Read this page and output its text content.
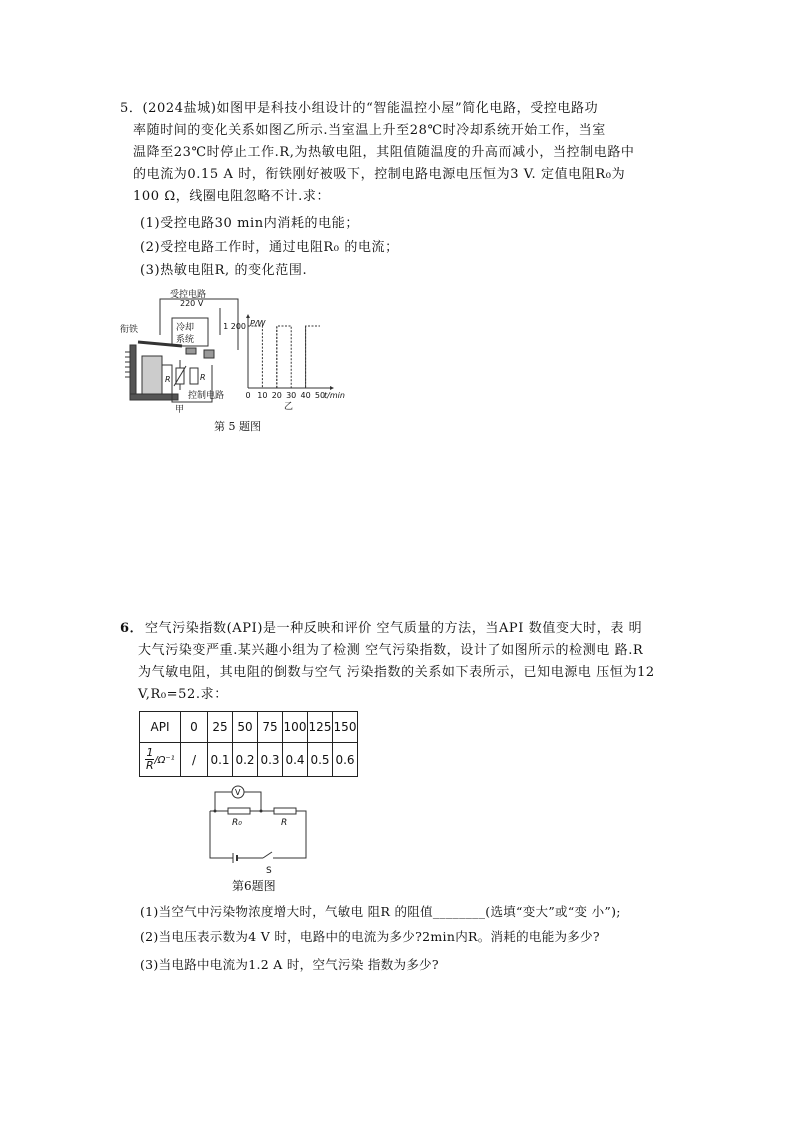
5．(2024盐城)如图甲是科技小组设计的“智能温控小屋”简化电路，受控电路功
率随时间的变化关系如图乙所示.当室温上升至28℃时冷却系统开始工作，当室
温降至23℃时停止工作.R,为热敏电阻，其阻值随温度的升高而减小，当控制电路中
的电流为0.15 A 时，衔铁刚好被吸下，控制电路电源电压恒为3 V. 定值电阻R₀为
100 Ω，线圈电阻忽略不计.求：
(1)受控电路30 min内消耗的电能；
(2)受控电路工作时，通过电阻R₀ 的电流；
(3)热敏电阻R, 的变化范围.
受控电路
220 V
冷却
系统
衔铁
R	R
控制电路
甲
P/W
t/min
1 200
0 10 20 30 40 50
乙
第 5 题图
6． 空气污染指数(API)是一种反映和评价 空气质量的方法，当API 数值变大时，表 明
大气污染变严重.某兴趣小组为了检测 空气污染指数，设计了如图所示的检测电 路.R
为气敏电阻，其电阻的倒数与空气 污染指数的关系如下表所示，已知电源电 压恒为12
V,R₀=52.求：
API	0	25	50	75	100	125	150

$\frac{1}{R} /\Omega^{-1}$	/	0.1	0.2	0.3	0.4	0.5	0.6
V
R₀	R
S
第6题图
(1)当空气中污染物浓度增大时，气敏电 阻R 的阻值________(选填“变大”或“变 小”);
(2)当电压表示数为4 V 时，电路中的电流为多少?2min内R。消耗的电能为多少?
(3)当电路中电流为1.2 A 时，空气污染 指数为多少?
